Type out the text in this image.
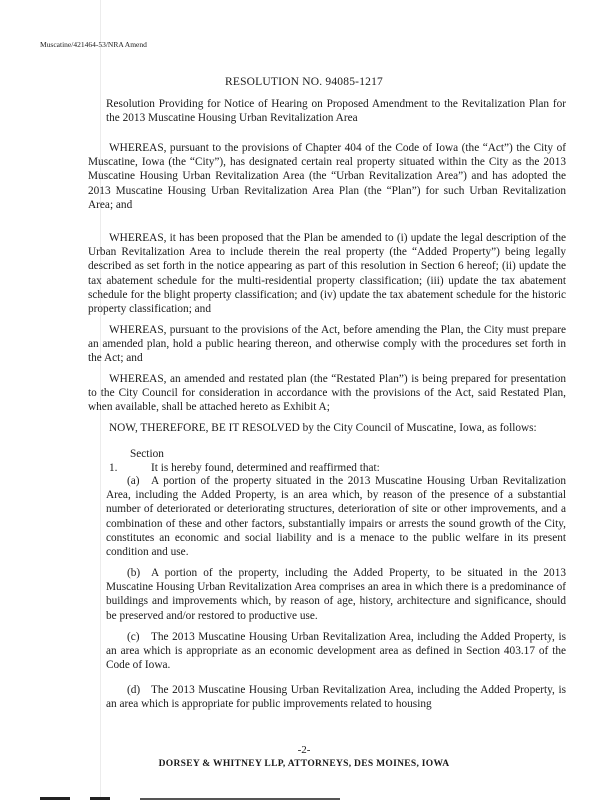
Muscatine/421464-53/NRA Amend
RESOLUTION NO. 94085-1217

Resolution Providing for Notice of Hearing on Proposed Amendment to the Revitalization Plan for the 2013 Muscatine Housing Urban Revitalization Area

WHEREAS, pursuant to the provisions of Chapter 404 of the Code of Iowa (the “Act”) the City of Muscatine, Iowa (the “City”), has designated certain real property situated within the City as the 2013 Muscatine Housing Urban Revitalization Area (the “Urban Revitalization Area”) and has adopted the 2013 Muscatine Housing Urban Revitalization Area Plan (the “Plan”) for such Urban Revitalization Area; and

WHEREAS, it has been proposed that the Plan be amended to (i) update the legal description of the Urban Revitalization Area to include therein the real property (the “Added Property”) being legally described as set forth in the notice appearing as part of this resolution in Section 6 hereof; (ii) update the tax abatement schedule for the multi-residential property classification; (iii) update the tax abatement schedule for the blight property classification; and (iv) update the tax abatement schedule for the historic property classification; and

WHEREAS, pursuant to the provisions of the Act, before amending the Plan, the City must prepare an amended plan, hold a public hearing thereon, and otherwise comply with the procedures set forth in the Act; and

WHEREAS, an amended and restated plan (the “Restated Plan”) is being prepared for presentation to the City Council for consideration in accordance with the provisions of the Act, said Restated Plan, when available, shall be attached hereto as Exhibit A;

NOW, THEREFORE, BE IT RESOLVED by the City Council of Muscatine, Iowa, as follows:

Section 1.	It is hereby found, determined and reaffirmed that:

(a) A portion of the property situated in the 2013 Muscatine Housing Urban Revitalization Area, including the Added Property, is an area which, by reason of the presence of a substantial number of deteriorated or deteriorating structures, deterioration of site or other improvements, and a combination of these and other factors, substantially impairs or arrests the sound growth of the City, constitutes an economic and social liability and is a menace to the public welfare in its present condition and use.

(b) A portion of the property, including the Added Property, to be situated in the 2013 Muscatine Housing Urban Revitalization Area comprises an area in which there is a predominance of buildings and improvements which, by reason of age, history, architecture and significance, should be preserved and/or restored to productive use.

(c) The 2013 Muscatine Housing Urban Revitalization Area, including the Added Property, is an area which is appropriate as an economic development area as defined in Section 403.17 of the Code of Iowa.

(d) The 2013 Muscatine Housing Urban Revitalization Area, including the Added Property, is an area which is appropriate for public improvements related to housing

-2-
DORSEY & WHITNEY LLP, ATTORNEYS, DES MOINES, IOWA
